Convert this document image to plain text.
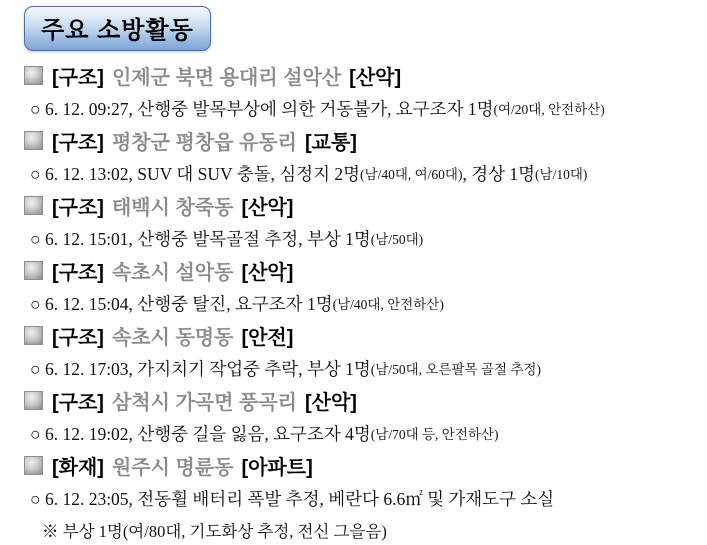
주요 소방활동
[구조] 인제군 북면 용대리 설악산 [산악]
○ 6. 12. 09:27, 산행중 발목부상에 의한 거동불가, 요구조자 1명 (여/20대, 안전하산)
[구조] 평창군 평창읍 유동리 [교통]
○ 6. 12. 13:02, SUV 대 SUV 충돌, 심정지 2명 (남/40대, 여/60대) , 경상 1명 (남/10대)
[구조] 태백시 창죽동 [산악]
○ 6. 12. 15:01, 산행중 발목골절 추정, 부상 1명 (남/50대)
[구조] 속초시 설악동 [산악]
○ 6. 12. 15:04, 산행중 탈진, 요구조자 1명 (남/40대, 안전하산)
[구조] 속초시 동명동 [안전]
○ 6. 12. 17:03, 가지치기 작업중 추락, 부상 1명 (남/50대, 오른팔목 골절 추정)
[구조] 삼척시 가곡면 풍곡리 [산악]
○ 6. 12. 19:02, 산행중 길을 잃음, 요구조자 4명 (남/70대 등, 안전하산)
[화재] 원주시 명륜동 [아파트]
○ 6. 12. 23:05, 전동휠 배터리 폭발 추정, 베란다 6.6㎡ 및 가재도구 소실
※ 부상 1명(여/80대, 기도화상 추정, 전신 그을음)
